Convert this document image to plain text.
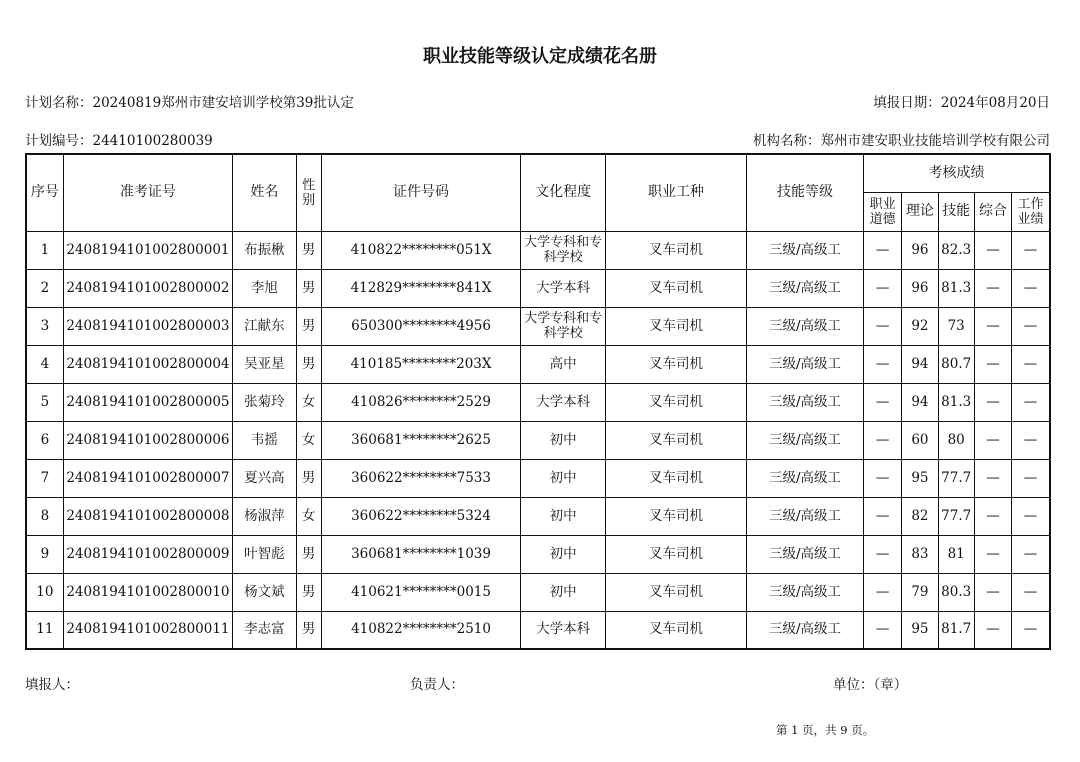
职业技能等级认定成绩花名册
计划名称：20240819郑州市建安培训学校第39批认定	填报日期：2024年08月20日
计划编号：2441010028003​9	机构名称：郑州市建安职业技能培训学校有限公司
序号	准考证号	姓名	性别	证件号码	文化程度	职业工种	技能等级	考核成绩				
								职业道德	理论	技能	综合	工作业绩
1	2408194101002800001	布振楸	男	410822********051X	大学专科和专科学校	叉车司机	三级/高级工	—	96	82.3	—	—
2	2408194101002800002	李旭	男	412829********841X	大学本科	叉车司机	三级/高级工	—	96	81.3	—	—
3	2408194101002800003	江献东	男	650300********4956	大学专科和专科学校	叉车司机	三级/高级工	—	92	73	—	—
4	2408194101002800004	吴亚星	男	410185********203X	高中	叉车司机	三级/高级工	—	94	80.7	—	—
5	2408194101002800005	张菊玲	女	410826********2529	大学本科	叉车司机	三级/高级工	—	94	81.3	—	—
6	2408194101002800006	韦摇	女	360681********2625	初中	叉车司机	三级/高级工	—	60	80	—	—
7	2408194101002800007	夏兴高	男	360622********7533	初中	叉车司机	三级/高级工	—	95	77.7	—	—
8	2408194101002800008	杨淑萍	女	360622********5324	初中	叉车司机	三级/高级工	—	82	77.7	—	—
9	2408194101002800009	叶智彪	男	360681********1039	初中	叉车司机	三级/高级工	—	83	81	—	—
10	2408194101002800010	杨文斌	男	410621********0015	初中	叉车司机	三级/高级工	—	79	80.3	—	—
11	2408194101002800011	李志富	男	410822********2510	大学本科	叉车司机	三级/高级工	—	95	81.7	—	—
填报人：	负责人：	单位：（章）
第 1 页，共 9 页。
